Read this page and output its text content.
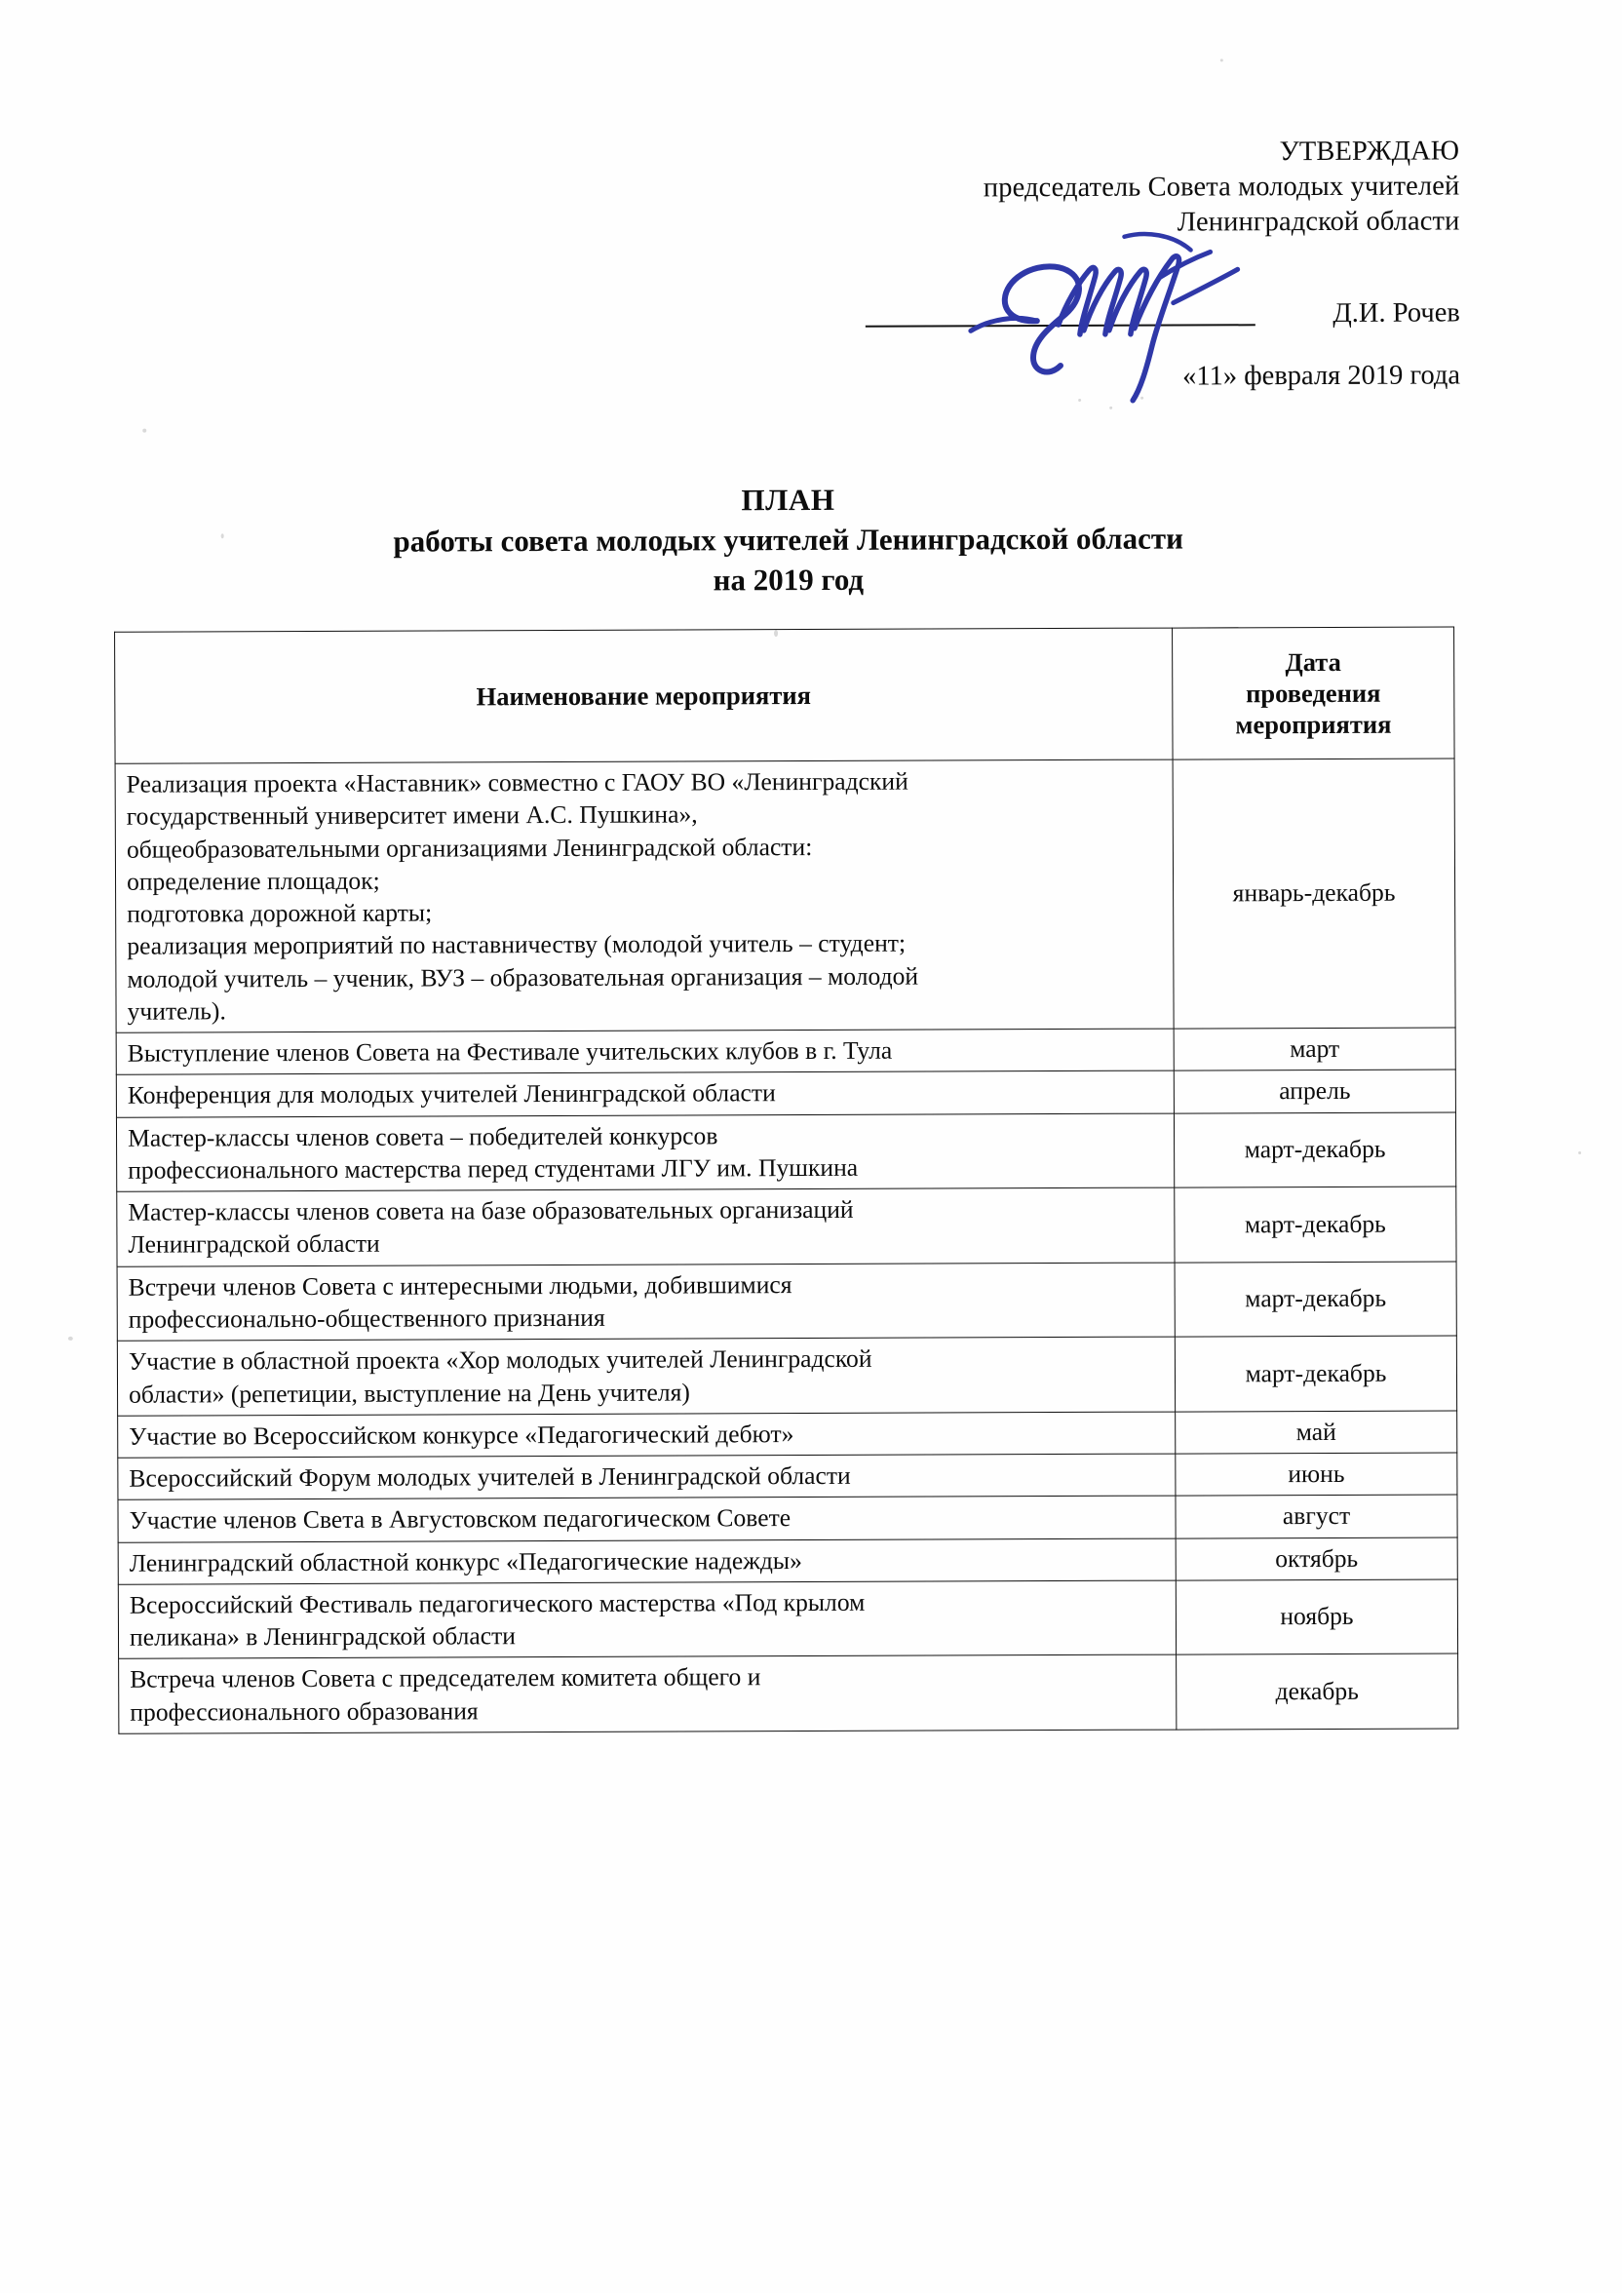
УТВЕРЖДАЮ
председатель Совета молодых учителей
Ленинградской области
Д.И. Рочев
«11» февраля 2019 года
ПЛАН
работы совета молодых учителей Ленинградской области
на 2019 год
Наименование мероприятия	Дата
проведения
мероприятия

Реализация проекта «Наставник» совместно с ГАОУ ВО «Ленинградский
государственный университет имени А.С. Пушкина»,
общеобразовательными организациями Ленинградской области:
определение площадок;
подготовка дорожной карты;
реализация мероприятий по наставничеству (молодой учитель – студент;
молодой учитель – ученик, ВУЗ – образовательная организация – молодой
учитель).
	январь-декабрь

Выступление членов Совета на Фестивале учительских клубов в г. Тула	март

Конференция для молодых учителей Ленинградской области	апрель

Мастер-классы членов совета – победителей конкурсов
профессионального мастерства перед студентами ЛГУ им. Пушкина	март-декабрь

Мастер-классы членов совета на базе образовательных организаций
Ленинградской области	март-декабрь

Встречи членов Совета с интересными людьми, добившимися
профессионально-общественного признания	март-декабрь

Участие в областной проекта «Хор молодых учителей Ленинградской
области» (репетиции, выступление на День учителя)	март-декабрь

Участие во Всероссийском конкурсе «Педагогический дебют»	май

Всероссийский Форум молодых учителей в Ленинградской области	июнь

Участие членов Света в Августовском педагогическом Совете	август

Ленинградский областной конкурс «Педагогические надежды»	октябрь

Всероссийский Фестиваль педагогического мастерства «Под крылом
пеликана» в Ленинградской области	ноябрь

Встреча членов Совета с председателем комитета общего и
профессионального образования	декабрь
